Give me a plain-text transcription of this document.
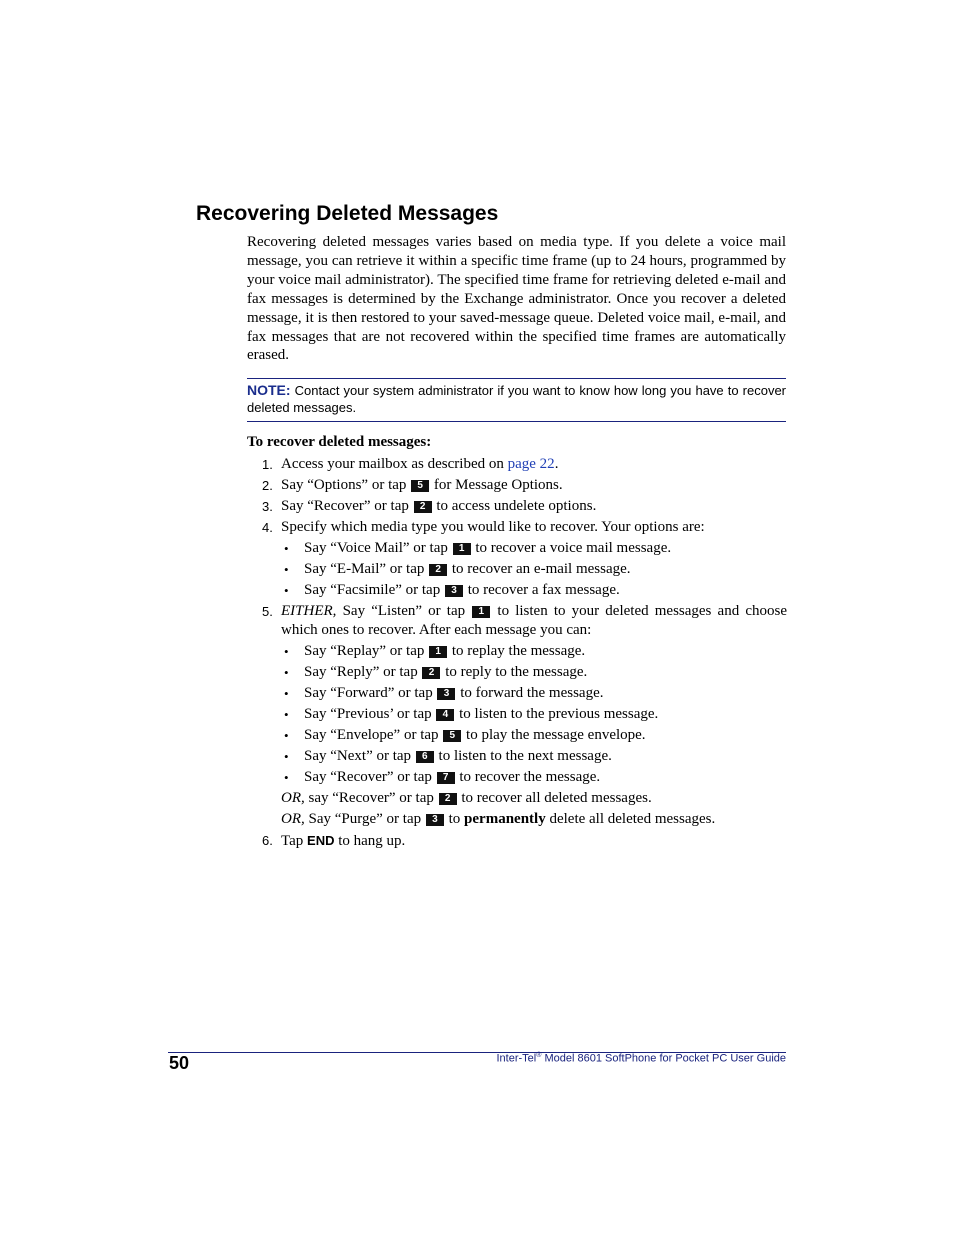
Recovering Deleted Messages

Recovering deleted messages varies based on media type. If you delete a voice mail message, you can retrieve it within a specific time frame (up to 24 hours, programmed by your voice mail administrator). The specified time frame for retrieving deleted e-mail and fax messages is determined by the Exchange administrator. Once you recover a deleted message, it is then restored to your saved-message queue. Deleted voice mail, e-mail, and fax messages that are not recovered within the specified time frames are automatically erased.

NOTE: Contact your system administrator if you want to know how long you have to recover deleted messages.
To recover deleted messages:
1. Access your mailbox as described on page 22.
2. Say “Options” or tap 5 for Message Options.
3. Say “Recover” or tap 2 to access undelete options.
4. Specify which media type you would like to recover. Your options are:
• Say “Voice Mail” or tap 1 to recover a voice mail message.
• Say “E-Mail” or tap 2 to recover an e-mail message.
• Say “Facsimile” or tap 3 to recover a fax message.
5. EITHER, Say “Listen” or tap 1 to listen to your deleted messages and choose which ones to recover. After each message you can:
• Say “Replay” or tap 1 to replay the message.
• Say “Reply” or tap 2 to reply to the message.
• Say “Forward” or tap 3 to forward the message.
• Say “Previous’ or tap 4 to listen to the previous message.
• Say “Envelope” or tap 5 to play the message envelope.
• Say “Next” or tap 6 to listen to the next message.
• Say “Recover” or tap 7 to recover the message.
OR, say “Recover” or tap 2 to recover all deleted messages.
OR, Say “Purge” or tap 3 to permanently delete all deleted messages.
6. Tap END to hang up.
50	Inter-Tel® Model 8601 SoftPhone for Pocket PC User Guide
